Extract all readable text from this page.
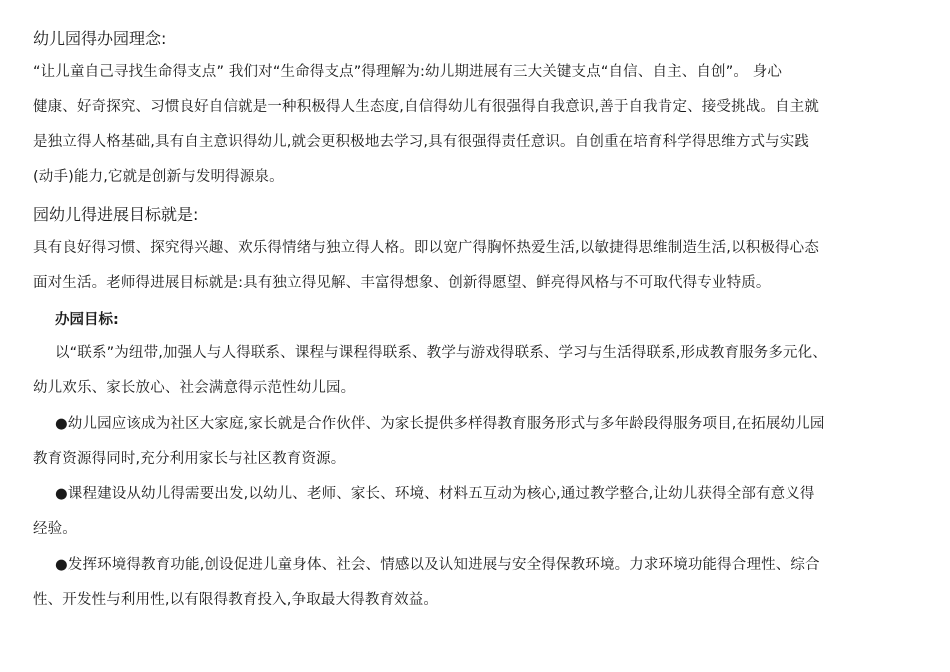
幼儿园得办园理念:
“让儿童自己寻找生命得支点” 我们对“生命得支点”得理解为:幼儿期进展有三大关键支点“自信、自主、自创”。 身心
健康、好奇探究、习惯良好自信就是一种积极得人生态度,自信得幼儿有很强得自我意识,善于自我肯定、接受挑战。自主就
是独立得人格基础,具有自主意识得幼儿,就会更积极地去学习,具有很强得责任意识。自创重在培育科学得思维方式与实践
(动手)能力,它就是创新与发明得源泉。
园幼儿得进展目标就是:
具有良好得习惯、探究得兴趣、欢乐得情绪与独立得人格。即以宽广得胸怀热爱生活,以敏捷得思维制造生活,以积极得心态
面对生活。老师得进展目标就是:具有独立得见解、丰富得想象、创新得愿望、鲜亮得风格与不可取代得专业特质。
办园目标:
以“联系”为纽带,加强人与人得联系、课程与课程得联系、教学与游戏得联系、学习与生活得联系,形成教育服务多元化、
幼儿欢乐、家长放心、社会满意得示范性幼儿园。
●幼儿园应该成为社区大家庭,家长就是合作伙伴、为家长提供多样得教育服务形式与多年龄段得服务项目,在拓展幼儿园
教育资源得同时,充分利用家长与社区教育资源。
●课程建设从幼儿得需要出发,以幼儿、老师、家长、环境、材料五互动为核心,通过教学整合,让幼儿获得全部有意义得
经验。
●发挥环境得教育功能,创设促进儿童身体、社会、情感以及认知进展与安全得保教环境。力求环境功能得合理性、综合
性、开发性与利用性,以有限得教育投入,争取最大得教育效益。
